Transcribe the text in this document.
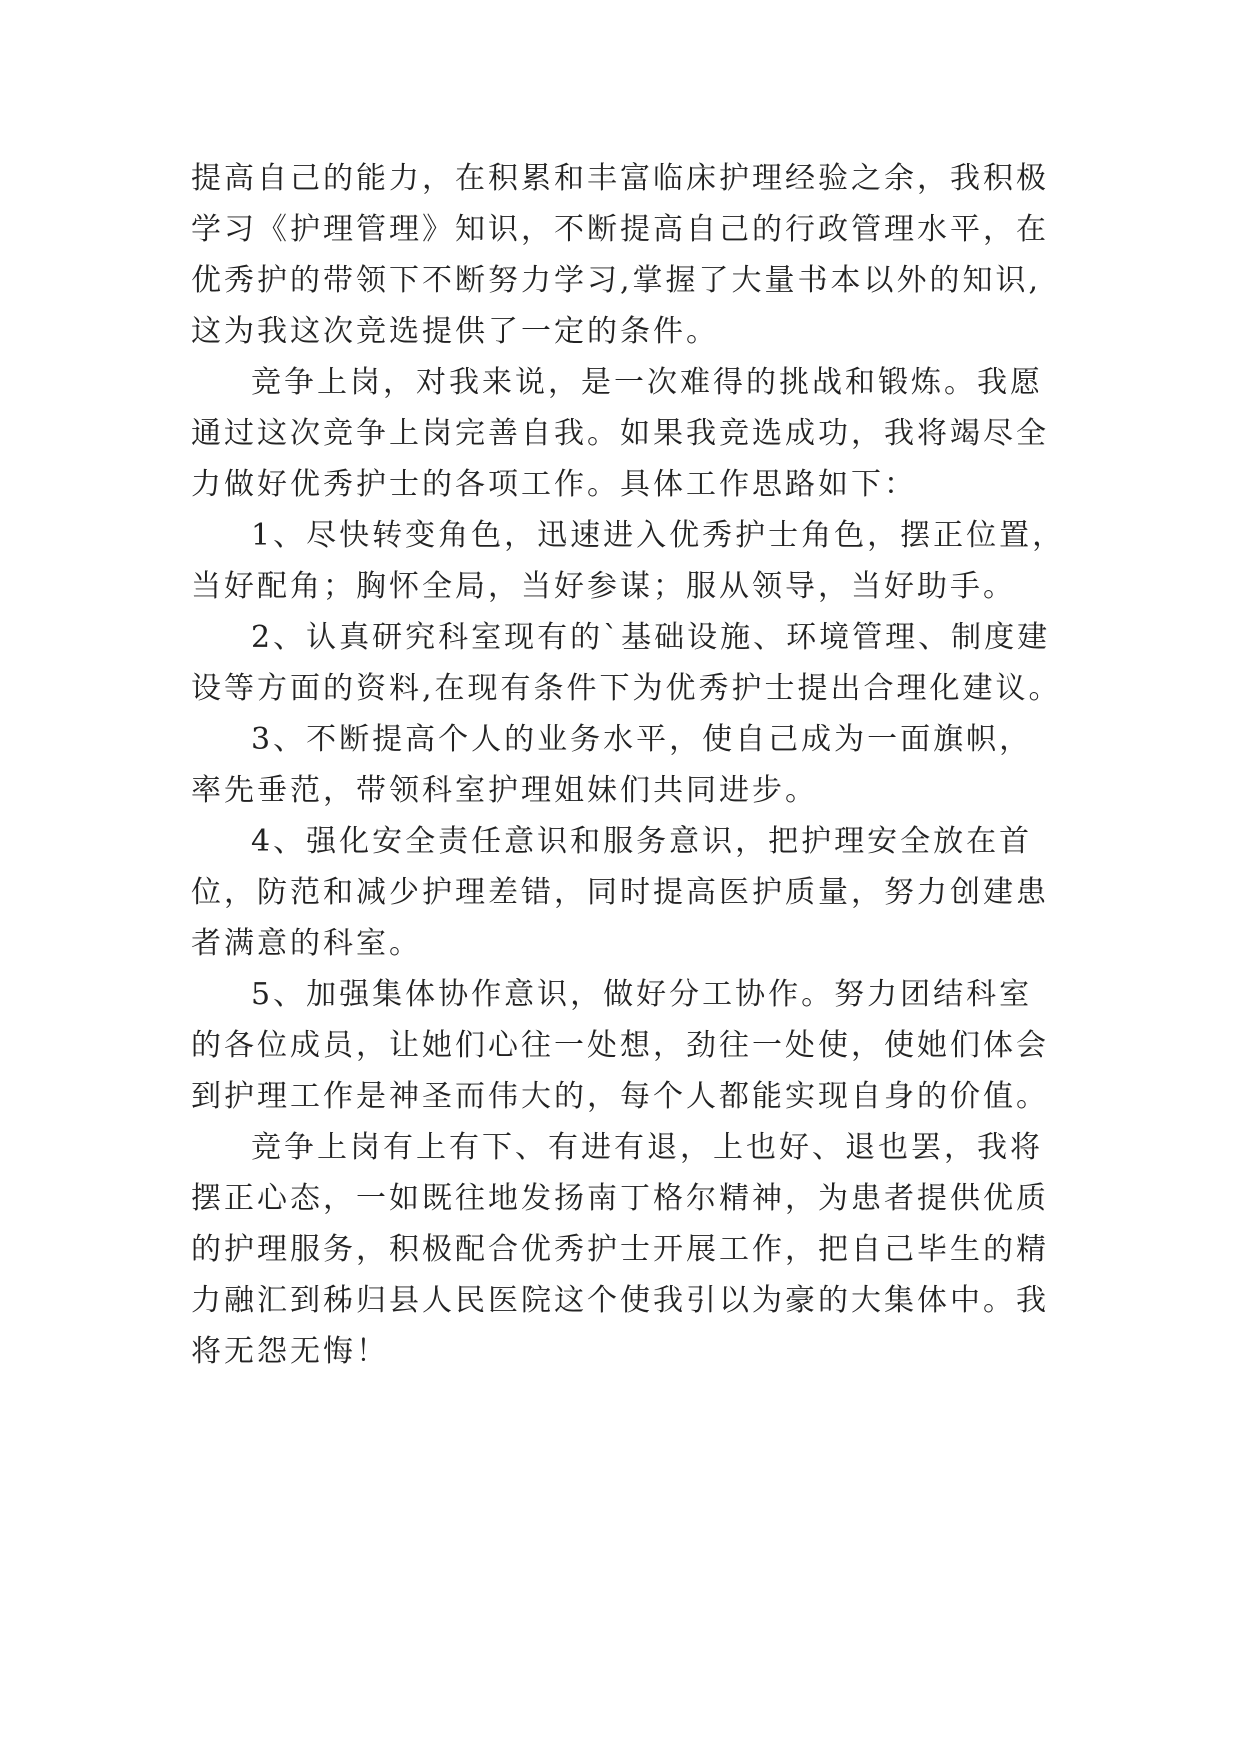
提高自己的能力，在积累和丰富临床护理经验之余，我积极
学习《护理管理》知识，不断提高自己的行政管理水平，在
优秀护的带领下不断努力学习,掌握了大量书本以外的知识,
这为我这次竞选提供了一定的条件。
竞争上岗，对我来说，是一次难得的挑战和锻炼。我愿
通过这次竞争上岗完善自我。如果我竞选成功，我将竭尽全
力做好优秀护士的各项工作。具体工作思路如下：
1、尽快转变角色，迅速进入优秀护士角色，摆正位置，
当好配角；胸怀全局，当好参谋；服从领导，当好助手。
2、认真研究科室现有的`基础设施、环境管理、制度建
设等方面的资料,在现有条件下为优秀护士提出合理化建议。
3、不断提高个人的业务水平，使自己成为一面旗帜，
率先垂范，带领科室护理姐妹们共同进步。
4、强化安全责任意识和服务意识，把护理安全放在首
位，防范和减少护理差错，同时提高医护质量，努力创建患
者满意的科室。
5、加强集体协作意识，做好分工协作。努力团结科室
的各位成员，让她们心往一处想，劲往一处使，使她们体会
到护理工作是神圣而伟大的，每个人都能实现自身的价值。
竞争上岗有上有下、有进有退，上也好、退也罢，我将
摆正心态，一如既往地发扬南丁格尔精神，为患者提供优质
的护理服务，积极配合优秀护士开展工作，把自己毕生的精
力融汇到秭归县人民医院这个使我引以为豪的大集体中。我
将无怨无悔！
